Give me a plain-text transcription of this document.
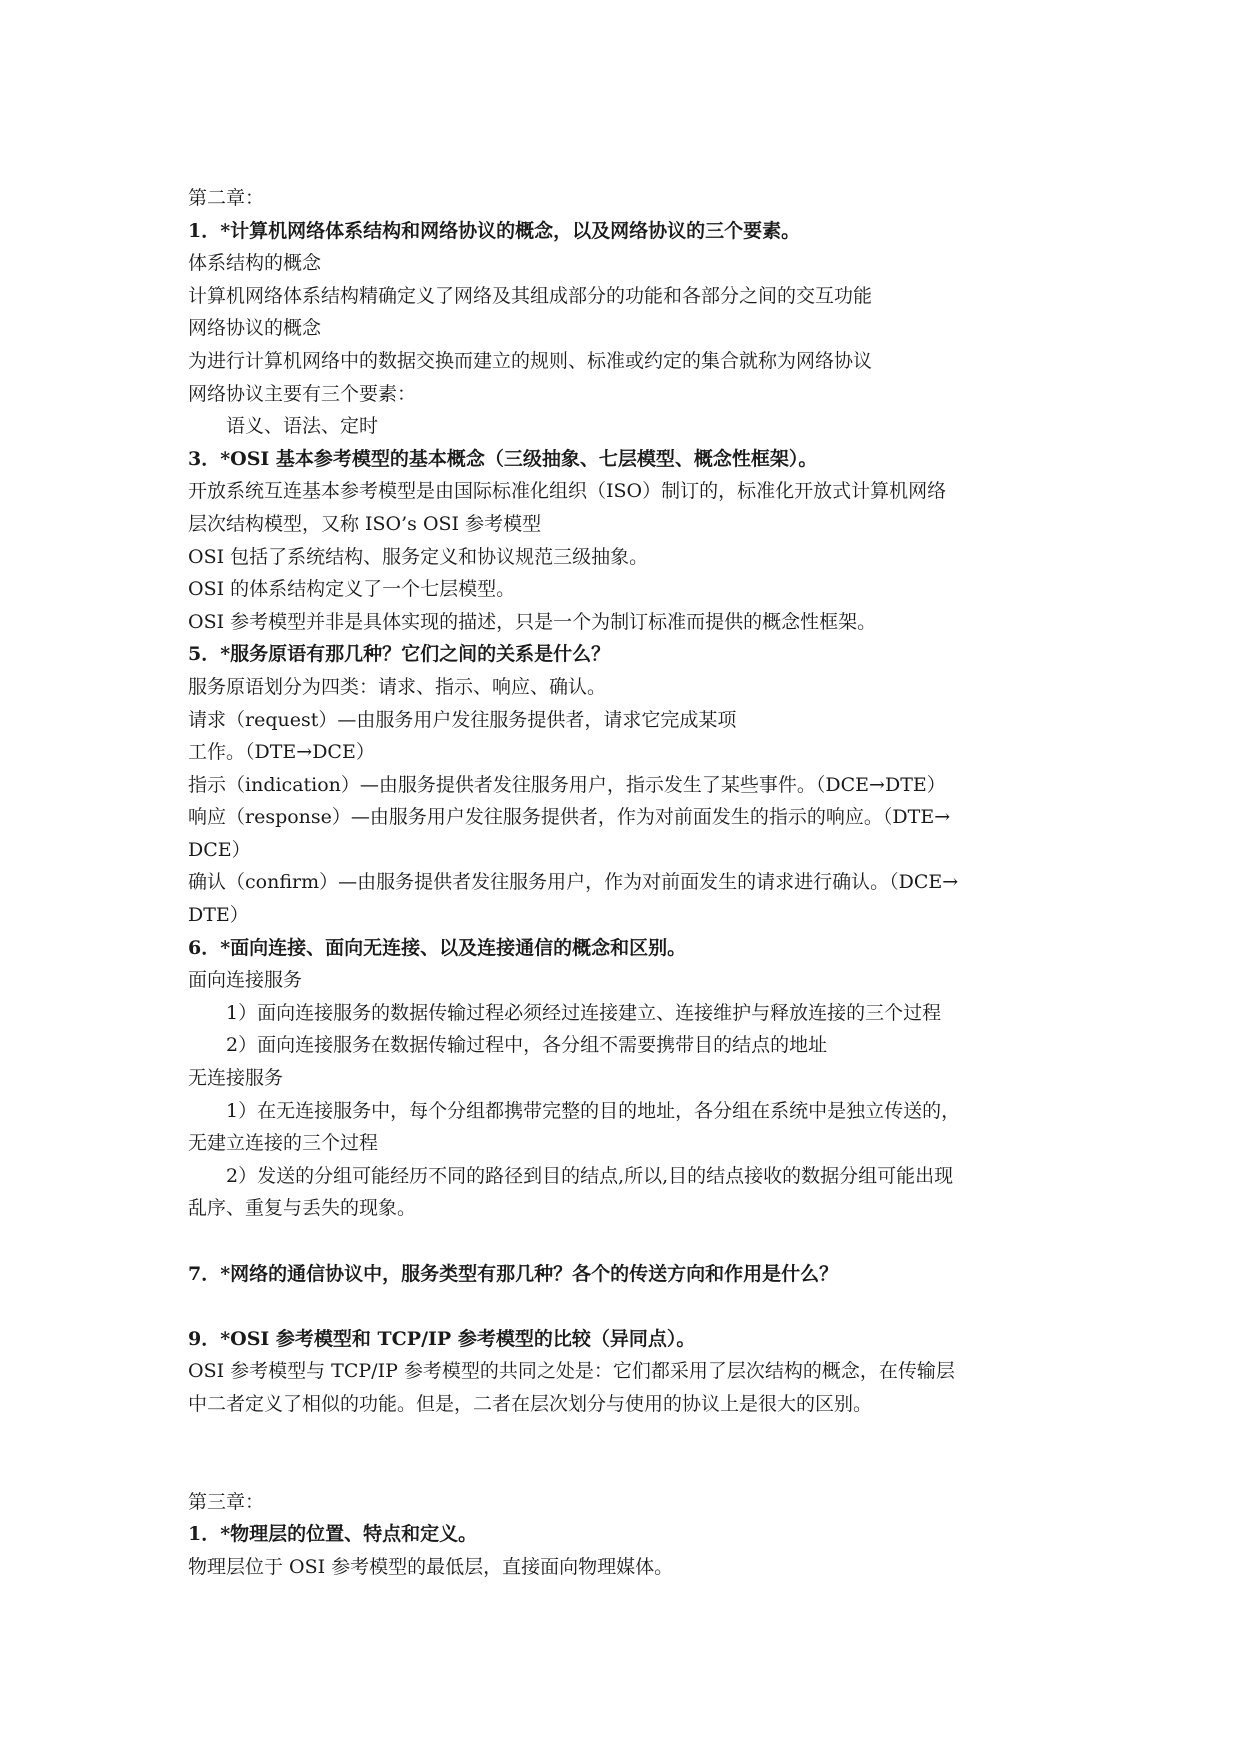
第二章：

1．*计算机网络体系结构和网络协议的概念，以及网络协议的三个要素。

体系结构的概念

计算机网络体系结构精确定义了网络及其组成部分的功能和各部分之间的交互功能

网络协议的概念

为进行计算机网络中的数据交换而建立的规则、标准或约定的集合就称为网络协议

网络协议主要有三个要素：

语义、语法、定时

3．*OSI 基本参考模型的基本概念（三级抽象、七层模型、概念性框架）。

开放系统互连基本参考模型是由国际标准化组织（ISO）制订的，标准化开放式计算机网络

层次结构模型，又称 ISO’s OSI 参考模型

OSI 包括了系统结构、服务定义和协议规范三级抽象。

OSI 的体系结构定义了一个七层模型。

OSI 参考模型并非是具体实现的描述，只是一个为制订标准而提供的概念性框架。

5．*服务原语有那几种？它们之间的关系是什么？

服务原语划分为四类：请求、指示、响应、确认。

请求（request）—由服务用户发往服务提供者，请求它完成某项

工作。（DTE→DCE）

指示（indication）—由服务提供者发往服务用户，指示发生了某些事件。（DCE→DTE）

响应（response）—由服务用户发往服务提供者，作为对前面发生的指示的响应。（DTE→

DCE）

确认（confirm）—由服务提供者发往服务用户，作为对前面发生的请求进行确认。（DCE→

DTE）

6．*面向连接、面向无连接、以及连接通信的概念和区别。

面向连接服务

1）面向连接服务的数据传输过程必须经过连接建立、连接维护与释放连接的三个过程

2）面向连接服务在数据传输过程中，各分组不需要携带目的结点的地址

无连接服务

1）在无连接服务中，每个分组都携带完整的目的地址，各分组在系统中是独立传送的，

无建立连接的三个过程

2）发送的分组可能经历不同的路径到目的结点,所以,目的结点接收的数据分组可能出现

乱序、重复与丢失的现象。

7．*网络的通信协议中，服务类型有那几种？各个的传送方向和作用是什么？

9．*OSI 参考模型和 TCP/IP 参考模型的比较（异同点）。

OSI 参考模型与 TCP/IP 参考模型的共同之处是：它们都采用了层次结构的概念，在传输层

中二者定义了相似的功能。但是，二者在层次划分与使用的协议上是很大的区别。

第三章：

1．*物理层的位置、特点和定义。

物理层位于 OSI 参考模型的最低层，直接面向物理媒体。
